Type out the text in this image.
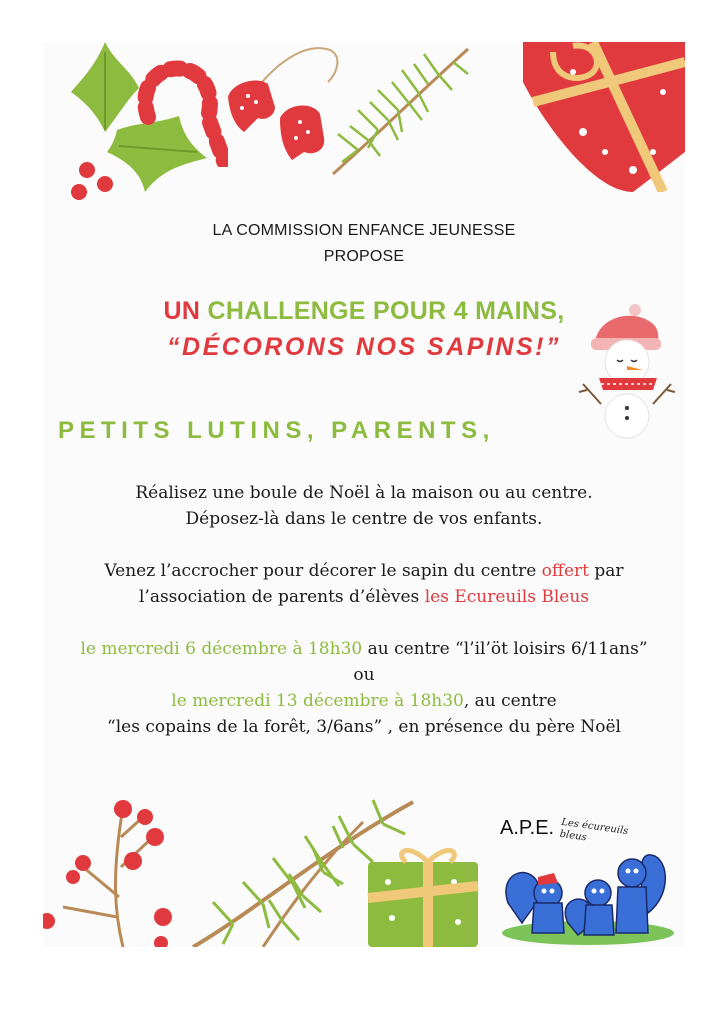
LA COMMISSION ENFANCE JEUNESSE
PROPOSE
UN CHALLENGE POUR 4 MAINS,
“DÉCORONS NOS SAPINS!”
PETITS LUTINS, PARENTS,
Réalisez une boule de Noël à la maison ou au centre.
Déposez-là dans le centre de vos enfants.
Venez l’accrocher pour décorer le sapin du centre offert par
l’association de parents d’élèves les Ecureuils Bleus
le mercredi 6 décembre à 18h30 au centre “l’il’öt loisirs 6/11ans”
ou
le mercredi 13 décembre à 18h30, au centre
“les copains de la forêt, 3/6ans” , en présence du père Noël
A.P.E. Les écureuils bleus
